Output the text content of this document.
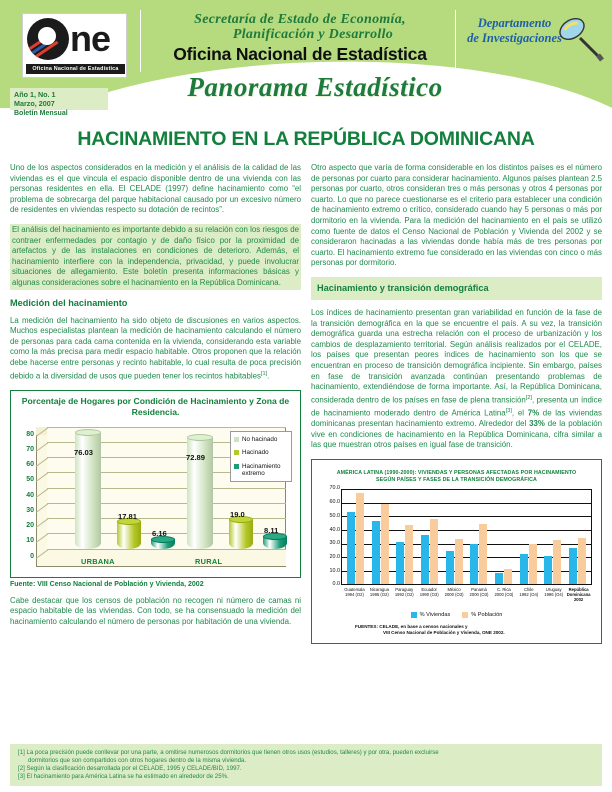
ne
Oficina Nacional de Estadística
Secretaría de Estado de Economía,
Planificación y Desarrollo
Oficina Nacional de Estadística
Panorama Estadístico
Departamento
de Investigaciones
Año 1, No. 1
Marzo, 2007
Boletín Mensual
HACINAMIENTO EN LA REPÚBLICA DOMINICANA

Uno de los aspectos considerados en la medición y el análisis de la calidad de las viviendas es el que vincula el espacio disponible dentro de una vivienda con las personas residentes en ella. El CELADE (1997) define hacinamiento como “el problema de sobrecarga del parque habitacional causado por un excesivo número de residentes en viviendas respecto su dotación de recintos”.

El análisis del hacinamiento es importante debido a su relación con los riesgos de contraer enfermedades por contagio y de daño físico por la proximidad de artefactos y de las instalaciones en condiciones de deterioro. Además, el hacinamiento interfiere con la independencia, privacidad, y puede involucrar situaciones de allegamiento. Este boletín presenta informaciones básicas y algunas consideraciones sobre el hacinamiento en la República Dominicana.

Medición del hacinamiento

La medición del hacinamiento ha sido objeto de discusiones en varios aspectos. Muchos especialistas plantean la medición de hacinamiento calculando el número de personas para cada cama contenida en la vivienda, considerando esta variable como la más precisa para medir espacio habitable. Otros proponen que la relación debe hacerse entre personas y recinto habitable, lo cual resulta de poca precisión debido a la diversidad de usos que pueden tener los recintos habitables[1].

Porcentaje de Hogares por Condición de Hacinamiento y Zona de Residencia.
0
10
20
30
40
50
60
70
80
76.03
17.81
6.16
72.89
19.0
8.11
URBANA	RURAL
No hacinado
Hacinado
Hacinamiento extremo
Fuente: VIII Censo Nacional de Población y Vivienda, 2002

Cabe destacar que los censos de población no recogen ni número de camas ni espacio habitable de las viviendas. Con todo, se ha consensuado la medición del hacinamiento calculando el número de personas por habitación de una vivienda.

Otro aspecto que varía de forma considerable en los distintos países es el número de personas por cuarto para considerar hacinamiento. Algunos países plantean 2.5 personas por cuarto, otros consideran tres o más personas y otros 4 personas por cuarto. Lo que no parece cuestionarse es el criterio para establecer una condición de hacinamiento extremo o crítico, considerado cuando hay 5 personas o más por dormitorio en la vivienda. Para la medición del hacinamiento en el país se utilizó como fuente de datos el Censo Nacional de Población y Vivienda del 2002 y se consideraron hacinadas a las viviendas donde había más de tres personas por cuarto. El hacinamiento extremo fue considerado en las viviendas con cinco o más personas por dormitorio.

Hacinamiento y transición demográfica

Los índices de hacinamiento presentan gran variabilidad en función de la fase de la transición demográfica en la que se encuentre el país. A su vez, la transición demográfica guarda una estrecha relación con el proceso de urbanización y los cambios de desplazamiento territorial. Según análisis realizados por el CELADE, los países que presentan peores índices de hacinamiento son los que se encuentran en proceso de transición demográfica incipiente. Sin embargo, países en fase de transición avanzada continúan presentando problemas de hacinamiento, extendiéndose de forma importante. Así, la República Dominicana, considerada dentro de los países en fase de plena transición[2], presenta un índice de hacinamiento moderado dentro de América Latina[3], el 7% de las viviendas dominicanas presentan hacinamiento extremo. Alrededor del 33% de la población vive en condiciones de hacinamiento en la República Dominicana, cifra similar a las que muestran otros países en igual fase de transición.

AMÉRICA LATINA (1990-2000): VIVIENDAS Y PERSONAS AFECTADAS POR HACINAMIENTO
SEGÚN PAÍSES Y FASES DE LA TRANSICIÓN DEMOGRÁFICA
0.0
10.0
20.0
30.0
40.0
50.0
60.0
70.0
Guatemala
1994 (O2)
Nicaragua
1995 (O2)
Paraguay
1992 (O2)
Ecuador
1990 (O3)
México
2000 (O3)
Panamá
2000 (O3)
C. Rica
2000 (O3)
Chile
1992 (O4)
Uruguay
1996 (O4)
República
Dominicana
2002
% Viviendas	% Población
FUENTES: CELADE, en base a censos nacionales y
VIII Censo Nacional de Población y Vivienda, ONE 2002.
[1] La poca precisión puede conllevar por una parte, a omitirse numerosos dormitorios que tienen otros usos (estudios, talleres) y por otra, pueden excluirse
dormitorios que son compartidos con otros hogares dentro de la misma vivienda.
[2] Según la clasificación desarrollada por el CELADE, 1995 y CELADE/BID, 1997.
[3] El hacinamiento para América Latina se ha estimado en alrededor de 25%.
